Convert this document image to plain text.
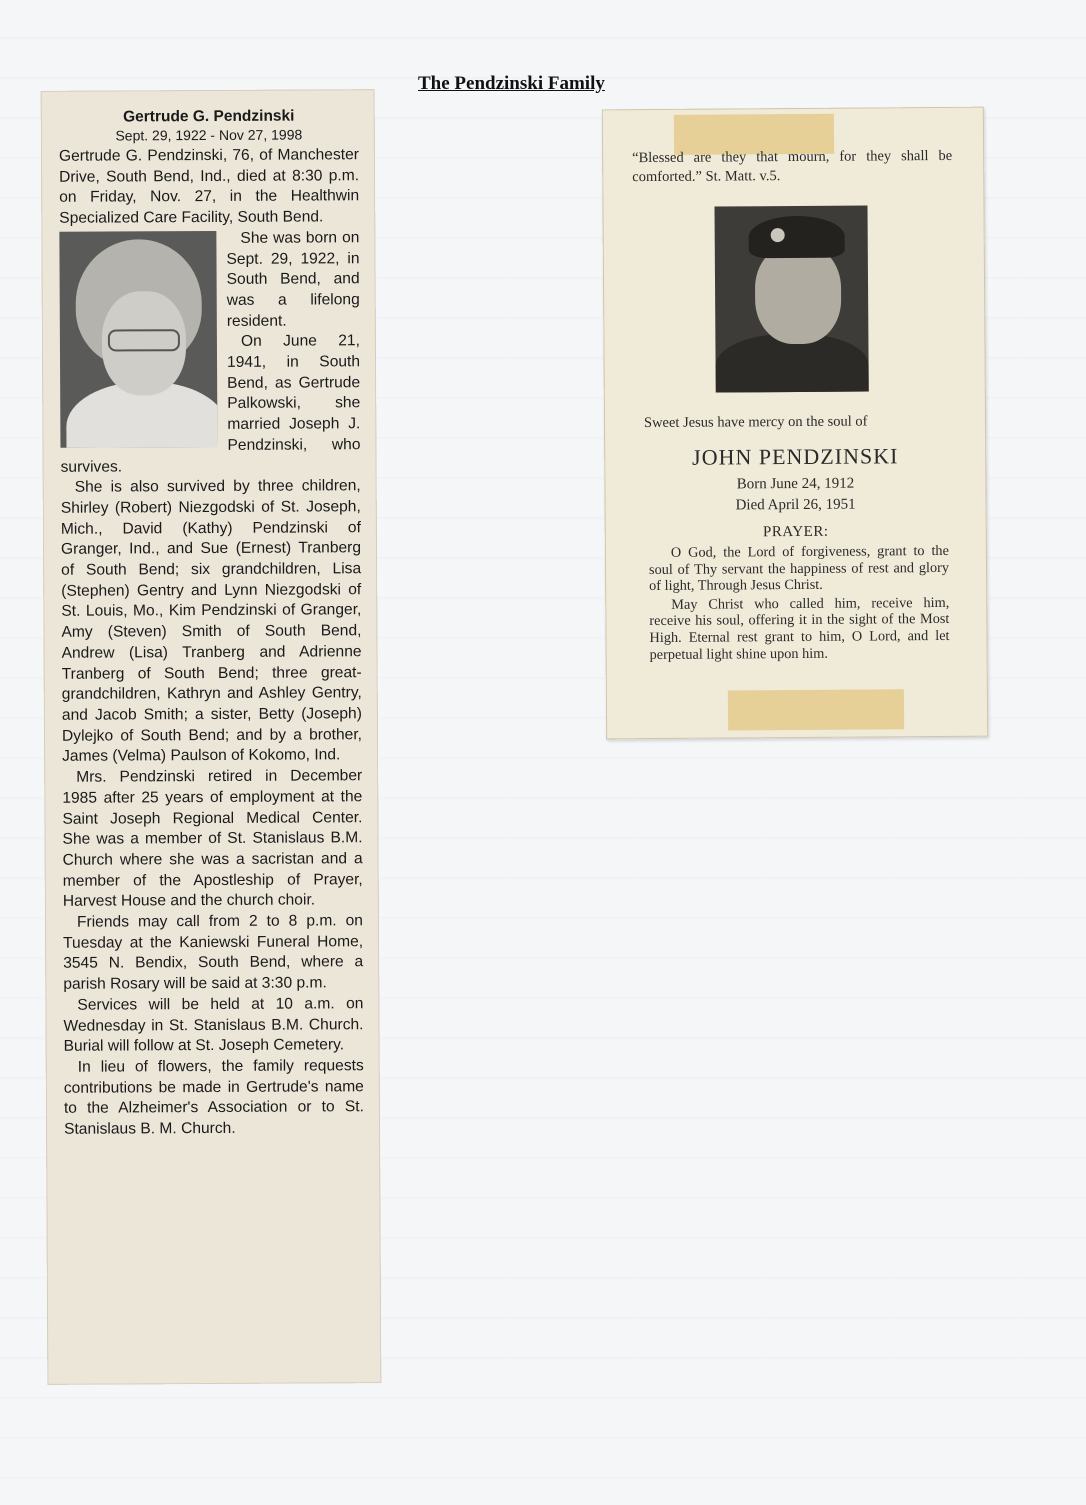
The Pendzinski Family
Gertrude G. Pendzinski
Sept. 29, 1922 - Nov 27, 1998

Gertrude G. Pendzinski, 76, of Manchester Drive, South Bend, Ind., died at 8:30 p.m. on Friday, Nov. 27, in the Healthwin Specialized Care Facility, South Bend.

She was born on Sept. 29, 1922, in South Bend, and was a lifelong resident.

On June 21, 1941, in South Bend, as Gertrude Palkowski, she married Joseph J. Pendzinski, who survives.

She is also survived by three children, Shirley (Robert) Niezgodski of St. Joseph, Mich., David (Kathy) Pendzinski of Granger, Ind., and Sue (Ernest) Tranberg of South Bend; six grandchildren, Lisa (Stephen) Gentry and Lynn Niezgodski of St. Louis, Mo., Kim Pendzinski of Granger, Amy (Steven) Smith of South Bend, Andrew (Lisa) Tranberg and Adrienne Tranberg of South Bend; three great-grandchildren, Kathryn and Ashley Gentry, and Jacob Smith; a sister, Betty (Joseph) Dylejko of South Bend; and by a brother, James (Velma) Paulson of Kokomo, Ind.

Mrs. Pendzinski retired in December 1985 after 25 years of employment at the Saint Joseph Regional Medical Center. She was a member of St. Stanislaus B.M. Church where she was a sacristan and a member of the Apostleship of Prayer, Harvest House and the church choir.

Friends may call from 2 to 8 p.m. on Tuesday at the Kaniewski Funeral Home, 3545 N. Bendix, South Bend, where a parish Rosary will be said at 3:30 p.m.

Services will be held at 10 a.m. on Wednesday in St. Stanislaus B.M. Church. Burial will follow at St. Joseph Cemetery.

In lieu of flowers, the family requests contributions be made in Gertrude's name to the Alzheimer's Association or to St. Stanislaus B. M. Church.

“Blessed are they that mourn, for they shall be comforted.” St. Matt. v.5.
Sweet Jesus have mercy on the soul of
JOHN PENDZINSKI
Born June 24, 1912
Died April 26, 1951
PRAYER:

O God, the Lord of forgiveness, grant to the soul of Thy servant the happiness of rest and glory of light, Through Jesus Christ.

May Christ who called him, receive him, receive his soul, offering it in the sight of the Most High. Eternal rest grant to him, O Lord, and let perpetual light shine upon him.
